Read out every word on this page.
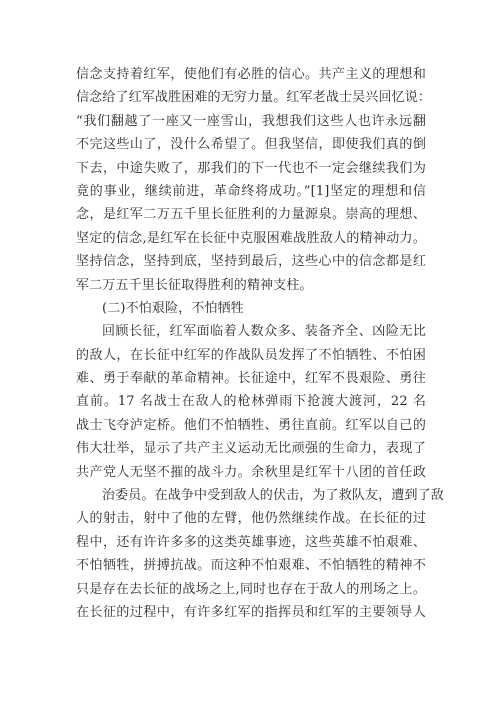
信念支持着红军，使他们有必胜的信心。共产主义的理想和
信念给了红军战胜困难的无穷力量。红军老战士吴兴回忆说：
“我们翻越了一座又一座雪山，我想我们这些人也许永远翻
不完这些山了，没什么希望了。但我坚信，即使我们真的倒
下去，中途失败了，那我们的下一代也不一定会继续我们为
竟的事业，继续前进，革命终将成功。”[1]坚定的理想和信
念，是红军二万五千里长征胜利的力量源泉。崇高的理想、
坚定的信念,是红军在长征中克服困难战胜敌人的精神动力。
坚持信念，坚持到底，坚持到最后，这些心中的信念都是红
军二万五千里长征取得胜利的精神支柱。
(二)不怕艰险，不怕牺牲
回顾长征，红军面临着人数众多、装备齐全、凶险无比
的敌人，在长征中红军的作战队员发挥了不怕牺牲、不怕困
难、勇于奉献的革命精神。长征途中，红军不畏艰险、勇往
直前。17 名战士在敌人的枪林弹雨下抢渡大渡河，22 名
战士飞夺泸定桥。他们不怕牺牲、勇往直前。红军以自己的
伟大壮举，显示了共产主义运动无比顽强的生命力，表现了
共产党人无坚不摧的战斗力。余秋里是红军十八团的首任政
治委员。在战争中受到敌人的伏击，为了救队友，遭到了敌
人的射击，射中了他的左臂，他仍然继续作战。在长征的过
程中，还有许许多多的这类英雄事迹，这些英雄不怕艰难、
不怕牺牲，拼搏抗战。而这种不怕艰难、不怕牺牲的精神不
只是存在去长征的战场之上,同时也存在于敌人的刑场之上。
在长征的过程中，有许多红军的指挥员和红军的主要领导人
